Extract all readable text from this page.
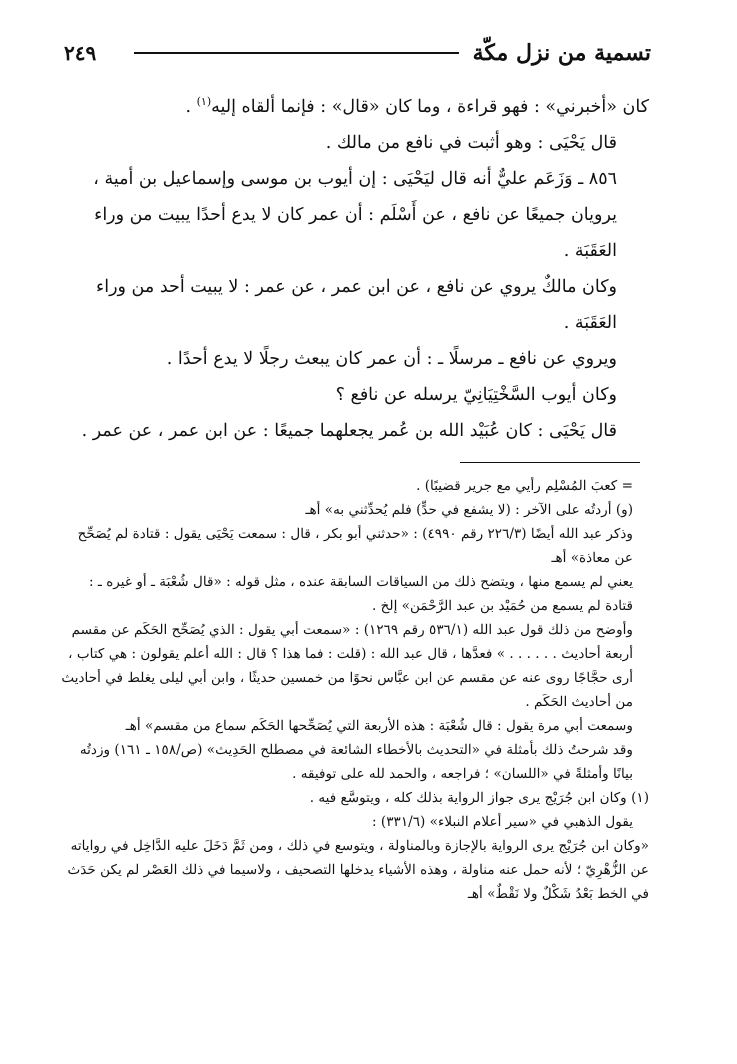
٢٤٩	تسمية من نزل مكّة

كان «أخبرني» : فهو قراءة ، وما كان «قال» : فإنما ألقاه إليه$^{(١)}$ .

قال يَحْيَى : وهو أثبت في نافع من مالك .

٨٥٦ ـ وَزَعَم عليٌّ أنه قال ليَحْيَى : إن أيوب بن موسى وإسماعيل بن أمية ، يرويان جميعًا عن نافع ، عن أَسْلَم : أن عمر كان لا يدع أحدًا يبيت من وراء العَقَبَة .

وكان مالكٌ يروي عن نافع ، عن ابن عمر ، عن عمر : لا يبيت أحد من وراء العَقَبَة .

ويروي عن نافع ـ مرسلًا ـ : أن عمر كان يبعث رجلًا لا يدع أحدًا .

وكان أيوب السَّخْتِيَانِيّ يرسله عن نافع ؟

قال يَحْيَى : كان عُبَيْد الله بن عُمر يجعلهما جميعًا : عن ابن عمر ، عن عمر .

= كعبَ المُسْلِم رأيي مع جرير قضيبًا) .

(و) أردتُه على الآخر : (لا يشفع في حدٍّ) فلم يُحدِّثني به» أهـ

وذكر عبد الله أيضًا (٢٢٦/٣ رقم ٤٩٩٠) : «حدثني أبو بكر ، قال : سمعت يَحْيَى يقول : قتادة لم يُصَحِّح عن معاذة» أهـ

يعني لم يسمع منها ، ويتضح ذلك من السياقات السابقة عنده ، مثل قوله : «قال شُعْبَة ـ أو غيره ـ : قتادة لم يسمع من حُمَيْد بن عبد الرَّحْمَن» إلخ .

وأوضح من ذلك قول عبد الله (٥٣٦/١ رقم ١٢٦٩) : «سمعت أبي يقول : الذي يُصَحِّح الحَكَم عن مقسم أربعة أحاديث . . . . . . » فعدَّها ، قال عبد الله : (قلت : فما هذا ؟ قال : الله أعلم يقولون : هي كتاب ، أرى حجَّاجًا روى عنه عن مقسم عن ابن عبَّاس نحوًا من خمسين حديثًا ، وابن أبي ليلى يغلط في أحاديث من أحاديث الحَكَم .

وسمعت أبي مرة يقول : قال شُعْبَة : هذه الأربعة التي يُصَحِّحها الحَكَم سماع من مقسم» أهـ

وقد شرحتُ ذلك بأمثلة في «التحديث بالأخطاء الشائعة في مصطلح الحَدِيث» (ص/١٥٨ ـ ١٦١) وزدتُه بيانًا وأمثلةً في «اللسان» ؛ فراجعه ، والحمد لله على توفيقه .

(١) وكان ابن جُرَيْج يرى جواز الرواية بذلك كله ، ويتوسَّع فيه .

يقول الذهبي في «سير أعلام النبلاء» (٣٣١/٦) :

«وكان ابن جُرَيْج يرى الرواية بالإجازة وبالمناولة ، ويتوسع في ذلك ، ومن ثَمَّ دَخَلَ عليه الدَّاخِل في رواياته عن الزُّهْرِيّ ؛ لأنه حمل عنه مناولة ، وهذه الأشياء يدخلها التصحيف ، ولاسيما في ذلك العَصْر لم يكن حَدَث في الخط بَعْدُ شَكْلٌ ولا نَقْطٌ» أهـ
